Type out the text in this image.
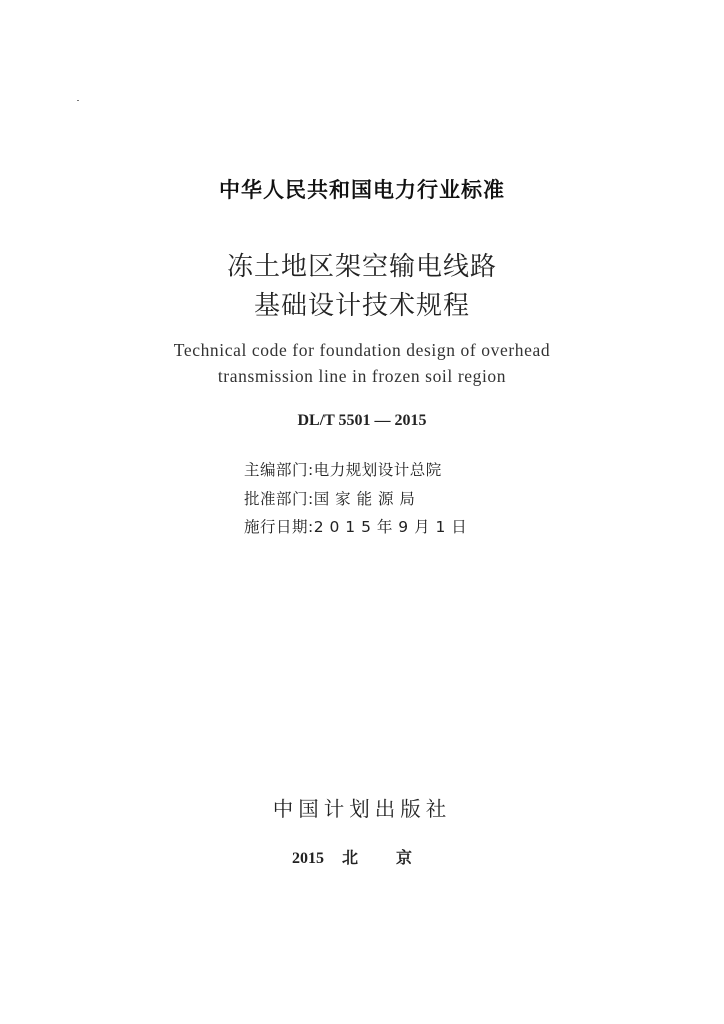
中华人民共和国电力行业标准
冻土地区架空输电线路
基础设计技术规程
Technical code for foundation design of overhead
transmission line in frozen soil region
DL/T 5501 — 2015
主编部门:电力规划设计总院
批准部门:国 家 能 源 局
施行日期:2 0 1 5 年 9 月 1 日
中国计划出版社
2015 北京
